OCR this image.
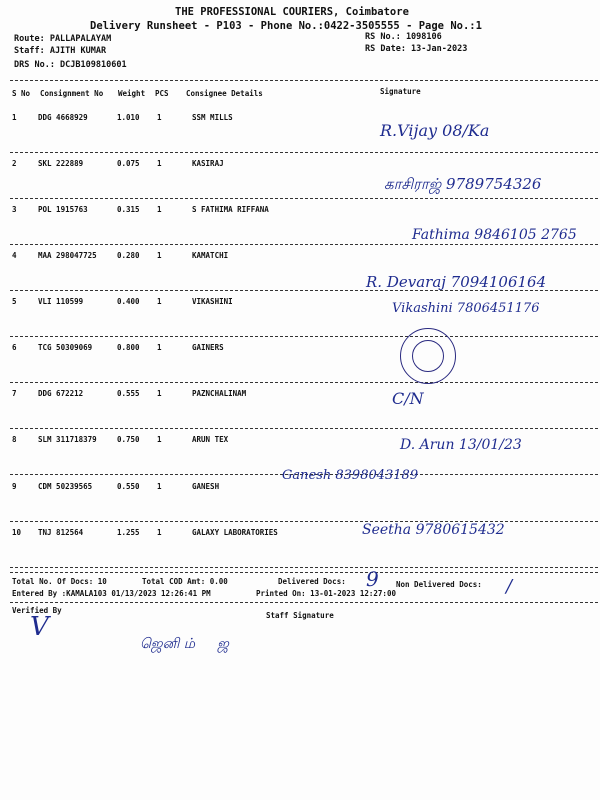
THE PROFESSIONAL COURIERS, Coimbatore
Delivery Runsheet - P103 - Phone No.:0422-3505555 - Page No.:1
Route: PALLAPALAYAM
Staff: AJITH KUMAR
DRS No.: DCJB109810601
RS No.: 1098106
RS Date: 13-Jan-2023
S No Consignment No Weight PCS Consignee Details	Signature
1	DDG 4668929	1.010 1	SSM MILLS
R.Vijay 08/Ka
2	SKL 222889	0.075 1	KASIRAJ
காசிராஜ் 9789754326
3	POL 1915763	0.315 1	S FATHIMA RIFFANA
Fathima 9846105 2765
4	MAA 298047725	0.280 1	KAMATCHI
R. Devaraj 7094106164
5	VLI 110599	0.400 1	VIKASHINI	Vikashini 7806451176
6	TCG 50309069	0.800 1	GAINERS
7	DDG 672212	0.555 1	PAZNCHALINAM	C/N
8	SLM 311718379	0.750 1	ARUN TEX	D. Arun 13/01/23
9	CDM 50239565	0.550 1	GANESH
Ganesh 8398043189
10 TNJ 812564	1.255 1	GALAXY LABORATORIES	Seetha 9780615432
Total No. Of Docs: 10	Total COD Amt: 0.00	Delivered Docs: 9 Non Delivered Docs: /
Entered By :KAMALA103 01/13/2023 12:26:41 PM	Printed On: 13-01-2023 12:27:00
Verified By
Staff Signature
V
ஜெனி ம்     ஜ
